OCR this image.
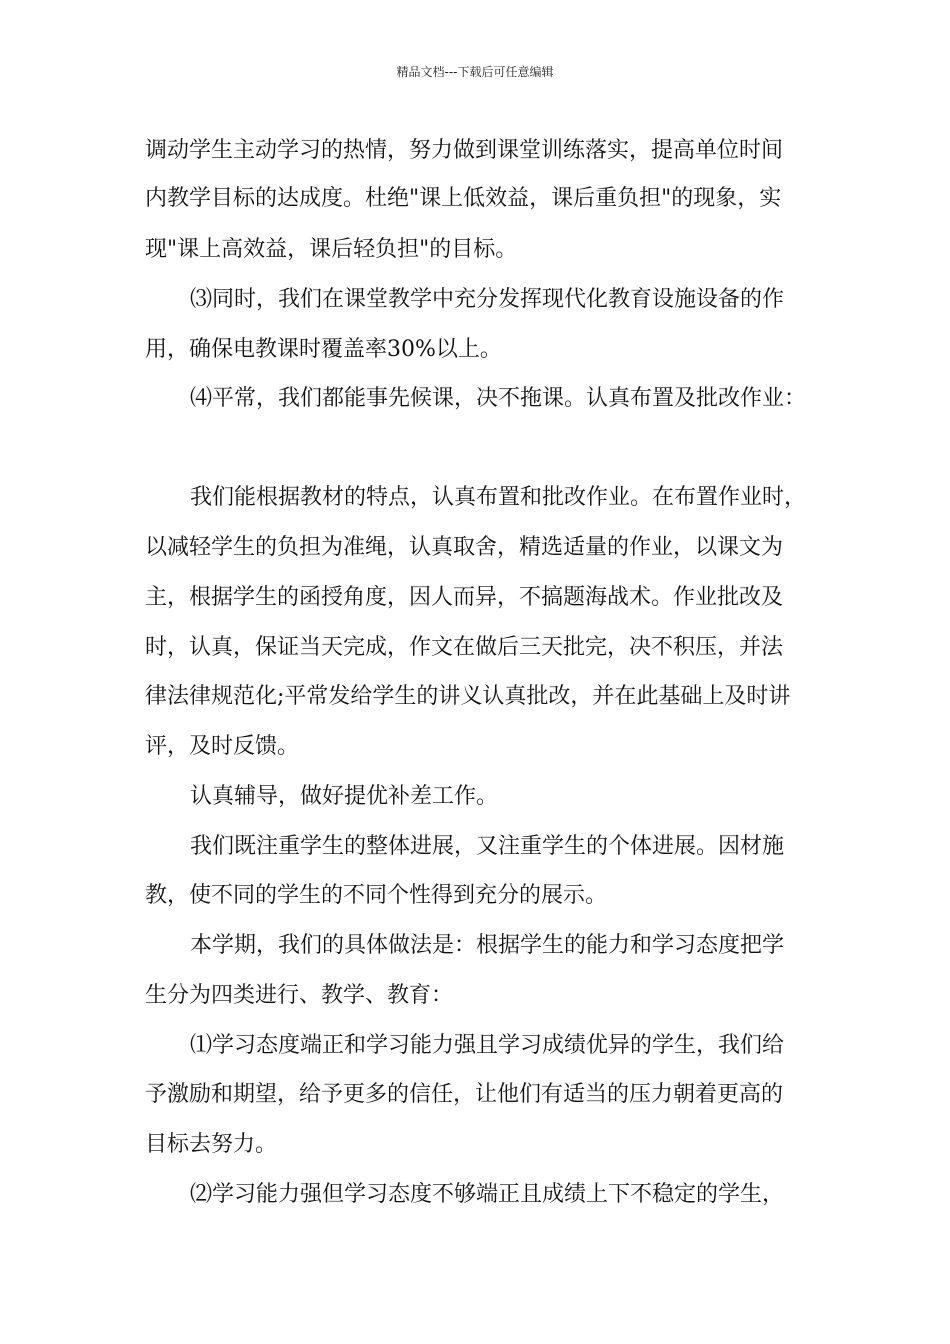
精品文档---下载后可任意编辑
调动学生主动学习的热情，努力做到课堂训练落实，提高单位时间
内教学目标的达成度。杜绝"课上低效益，课后重负担"的现象，实
现"课上高效益，课后轻负担"的目标。
⑶同时，我们在课堂教学中充分发挥现代化教育设施设备的作
用，确保电教课时覆盖率30%以上。
⑷平常，我们都能事先候课，决不拖课。认真布置及批改作业：
我们能根据教材的特点，认真布置和批改作业。在布置作业时，
以减轻学生的负担为准绳，认真取舍，精选适量的作业，以课文为
主，根据学生的函授角度，因人而异，不搞题海战术。作业批改及
时，认真，保证当天完成，作文在做后三天批完，决不积压，并法
律法律规范化;平常发给学生的讲义认真批改，并在此基础上及时讲
评，及时反馈。
认真辅导，做好提优补差工作。
我们既注重学生的整体进展，又注重学生的个体进展。因材施
教，使不同的学生的不同个性得到充分的展示。
本学期，我们的具体做法是：根据学生的能力和学习态度把学
生分为四类进行、教学、教育：
⑴学习态度端正和学习能力强且学习成绩优异的学生，我们给
予激励和期望，给予更多的信任，让他们有适当的压力朝着更高的
目标去努力。
⑵学习能力强但学习态度不够端正且成绩上下不稳定的学生，
